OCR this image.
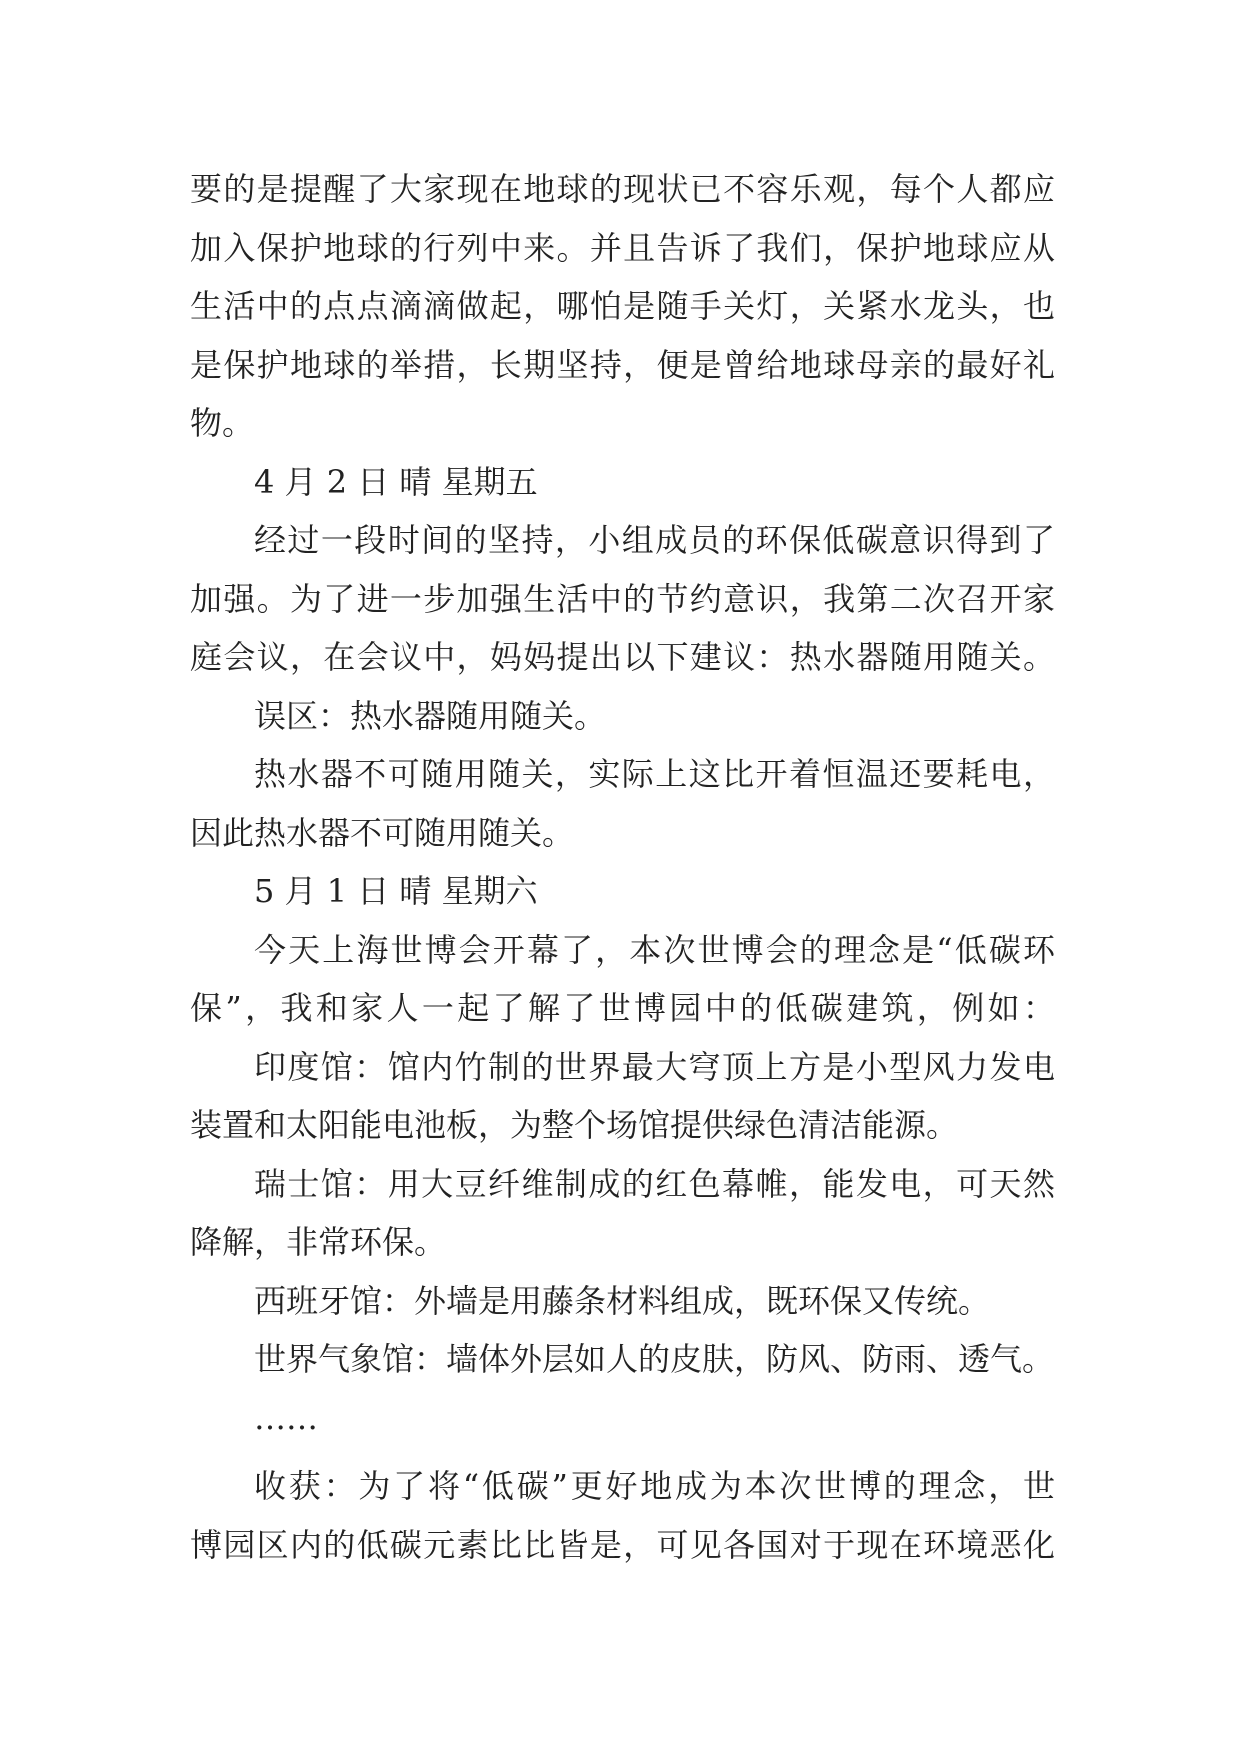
要的是提醒了大家现在地球的现状已不容乐观，每个人都应
加入保护地球的行列中来。并且告诉了我们，保护地球应从
生活中的点点滴滴做起，哪怕是随手关灯，关紧水龙头，也
是保护地球的举措，长期坚持，便是曾给地球母亲的最好礼
物。
4 月 2 日 晴 星期五
经过一段时间的坚持，小组成员的环保低碳意识得到了
加强。为了进一步加强生活中的节约意识，我第二次召开家
庭会议，在会议中，妈妈提出以下建议：热水器随用随关。
误区：热水器随用随关。
热水器不可随用随关，实际上这比开着恒温还要耗电，
因此热水器不可随用随关。
5 月 1 日 晴 星期六
今天上海世博会开幕了，本次世博会的理念是“低碳环
保”，我和家人一起了解了世博园中的低碳建筑，例如：
印度馆：馆内竹制的世界最大穹顶上方是小型风力发电
装置和太阳能电池板，为整个场馆提供绿色清洁能源。
瑞士馆：用大豆纤维制成的红色幕帷，能发电，可天然
降解，非常环保。
西班牙馆：外墙是用藤条材料组成，既环保又传统。
世界气象馆：墙体外层如人的皮肤，防风、防雨、透气。
……
收获：为了将“低碳”更好地成为本次世博的理念，世
博园区内的低碳元素比比皆是，可见各国对于现在环境恶化
